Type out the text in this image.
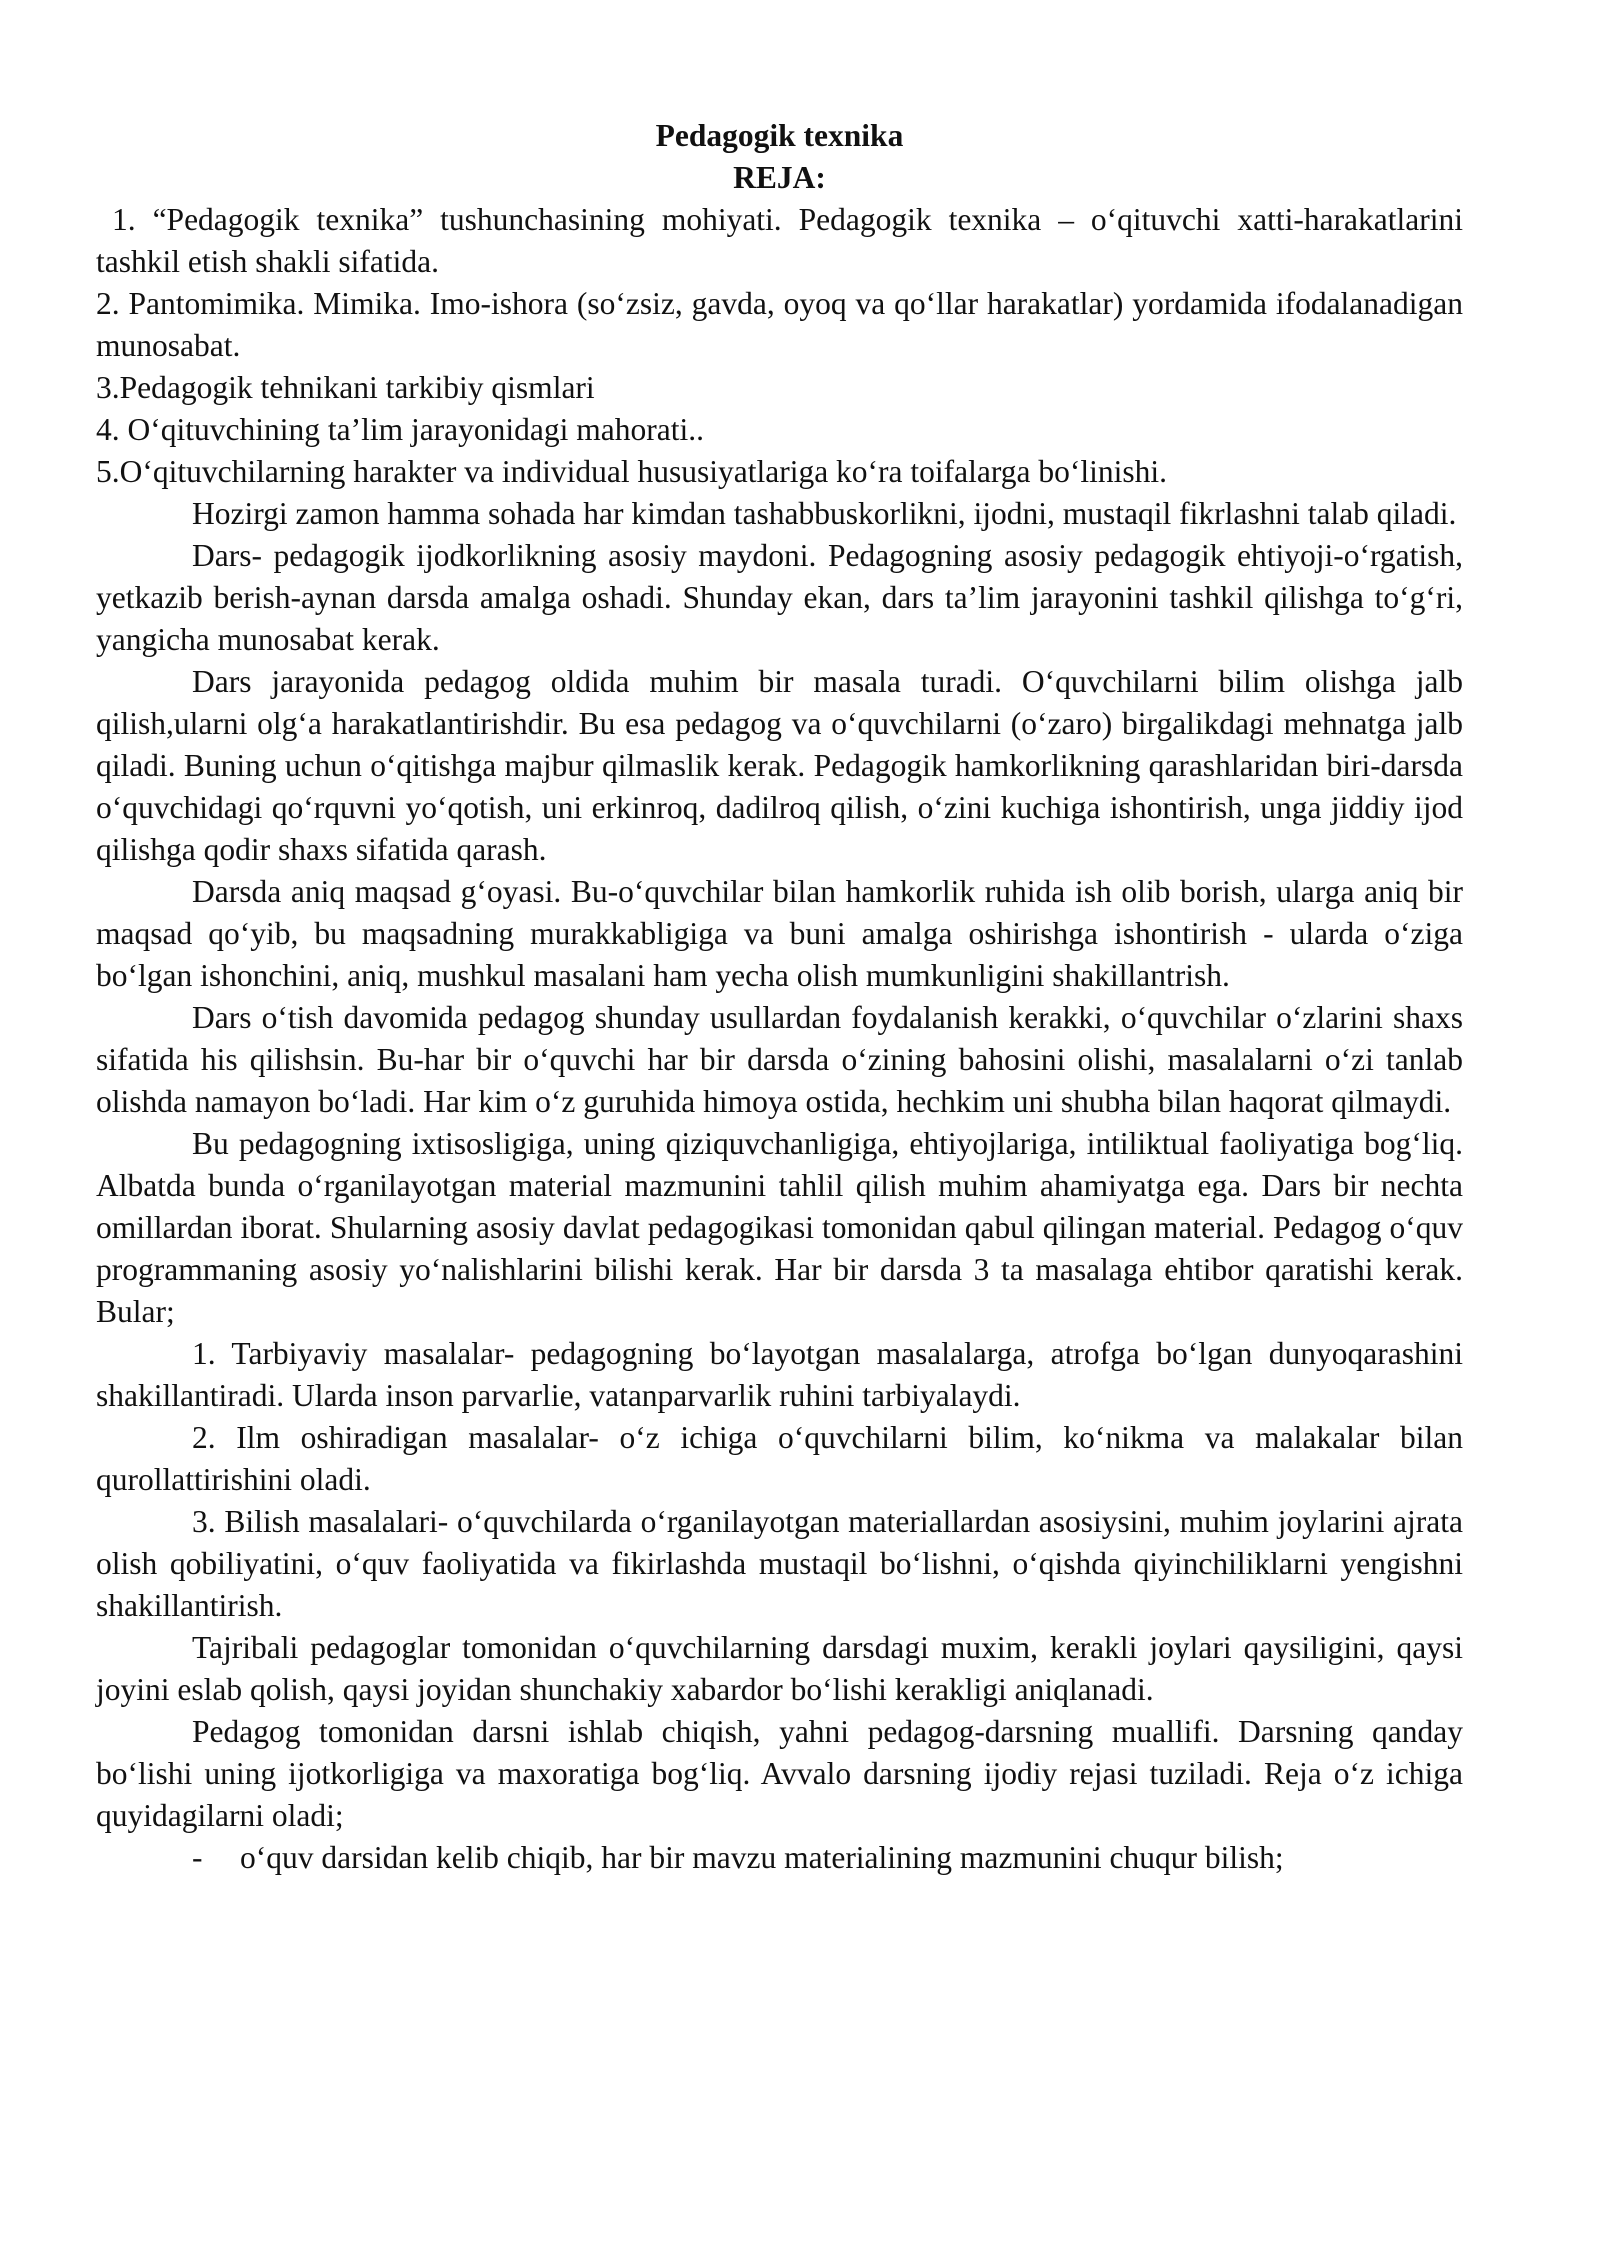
Pedagogik texnika

REJA:

1. “Pedagogik texnika” tushunchasining mohiyati. Pedagogik texnika – o‘qituvchi xatti-harakatlarini tashkil etish shakli sifatida.

2. Pantomimika. Mimika. Imo-ishora (so‘zsiz, gavda, oyoq va qo‘llar harakatlar) yordamida ifodalanadigan munosabat.

3.Pedagogik tehnikani tarkibiy qismlari

4. O‘qituvchining ta’lim jarayonidagi mahorati..

5.O‘qituvchilarning harakter va individual hususiyatlariga ko‘ra toifalarga bo‘linishi.

Hozirgi zamon hamma sohada har kimdan tashabbuskorlikni, ijodni, mustaqil fikrlashni talab qiladi.

Dars- pedagogik ijodkorlikning asosiy maydoni. Pedagogning asosiy pedagogik ehtiyoji-o‘rgatish, yetkazib berish-aynan darsda amalga oshadi. Shunday ekan, dars ta’lim jarayonini tashkil qilishga to‘g‘ri, yangicha munosabat kerak.

Dars jarayonida pedagog oldida muhim bir masala turadi. O‘quvchilarni bilim olishga jalb qilish,ularni olg‘a harakatlantirishdir. Bu esa pedagog va o‘quvchilarni (o‘zaro) birgalikdagi mehnatga jalb qiladi. Buning uchun o‘qitishga majbur qilmaslik kerak. Pedagogik hamkorlikning qarashlaridan biri-darsda o‘quvchidagi qo‘rquvni yo‘qotish, uni erkinroq, dadilroq qilish, o‘zini kuchiga ishontirish, unga jiddiy ijod qilishga qodir shaxs sifatida qarash.

Darsda aniq maqsad g‘oyasi. Bu-o‘quvchilar bilan hamkorlik ruhida ish olib borish, ularga aniq bir maqsad qo‘yib, bu maqsadning murakkabligiga va buni amalga oshirishga ishontirish - ularda o‘ziga bo‘lgan ishonchini, aniq, mushkul masalani ham yecha olish mumkunligini shakillantrish.

Dars o‘tish davomida pedagog shunday usullardan foydalanish kerakki, o‘quvchilar o‘zlarini shaxs sifatida his qilishsin. Bu-har bir o‘quvchi har bir darsda o‘zining bahosini olishi, masalalarni o‘zi tanlab olishda namayon bo‘ladi. Har kim o‘z guruhida himoya ostida, hechkim uni shubha bilan haqorat qilmaydi.

Bu pedagogning ixtisosligiga, uning qiziquvchanligiga, ehtiyojlariga, intiliktual faoliyatiga bog‘liq. Albatda bunda o‘rganilayotgan material mazmunini tahlil qilish muhim ahamiyatga ega. Dars bir nechta omillardan iborat. Shularning asosiy davlat pedagogikasi tomonidan qabul qilingan material. Pedagog o‘quv programmaning asosiy yo‘nalishlarini bilishi kerak. Har bir darsda 3 ta masalaga ehtibor qaratishi kerak. Bular;

1. Tarbiyaviy masalalar- pedagogning bo‘layotgan masalalarga, atrofga bo‘lgan dunyoqarashini shakillantiradi. Ularda inson parvarlie, vatanparvarlik ruhini tarbiyalaydi.

2. Ilm oshiradigan masalalar- o‘z ichiga o‘quvchilarni bilim, ko‘nikma va malakalar bilan qurollattirishini oladi.

3. Bilish masalalari- o‘quvchilarda o‘rganilayotgan materiallardan asosiysini, muhim joylarini ajrata olish qobiliyatini, o‘quv faoliyatida va fikirlashda mustaqil bo‘lishni, o‘qishda qiyinchiliklarni yengishni shakillantirish.

Tajribali pedagoglar tomonidan o‘quvchilarning darsdagi muxim, kerakli joylari qaysiligini, qaysi joyini eslab qolish, qaysi joyidan shunchakiy xabardor bo‘lishi kerakligi aniqlanadi.

Pedagog tomonidan darsni ishlab chiqish, yahni pedagog-darsning muallifi. Darsning qanday bo‘lishi uning ijotkorligiga va maxoratiga bog‘liq. Avvalo darsning ijodiy rejasi tuziladi. Reja o‘z ichiga quyidagilarni oladi;

-	o‘quv darsidan kelib chiqib, har bir mavzu materialining mazmunini chuqur bilish;
